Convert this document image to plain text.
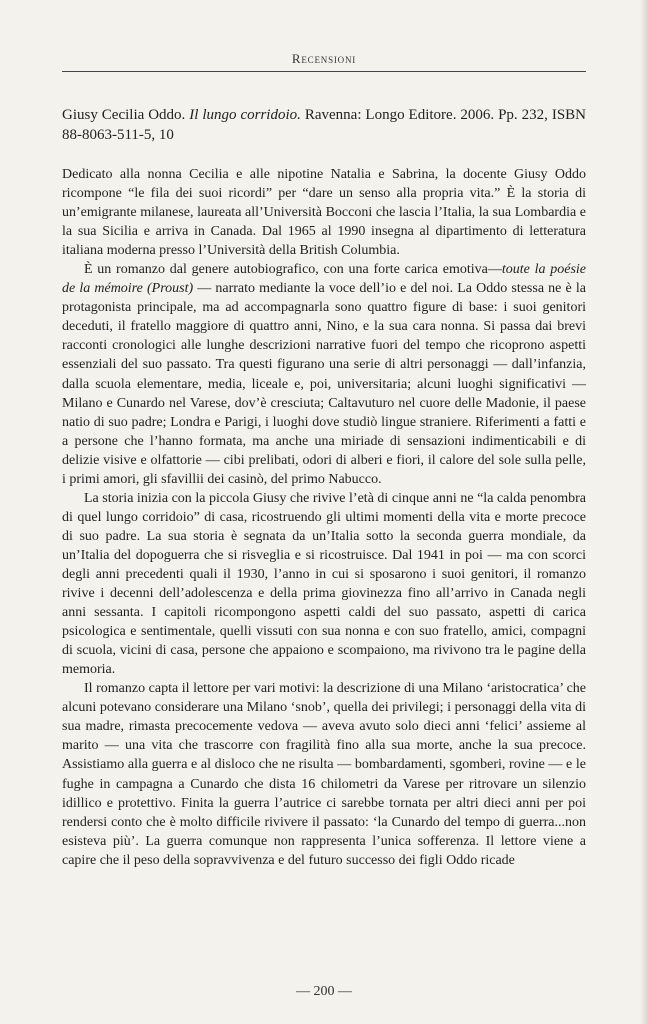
Recensioni
Giusy Cecilia Oddo. Il lungo corridoio. Ravenna: Longo Editore. 2006. Pp. 232, ISBN 88-8063-511-5, 10

Dedicato alla nonna Cecilia e alle nipotine Natalia e Sabrina, la docente Giusy Oddo ricompone “le fila dei suoi ricordi” per “dare un senso alla propria vita.” È la storia di un’emigrante milanese, laureata all’Università Bocconi che lascia l’Italia, la sua Lombardia e la sua Sicilia e arriva in Canada. Dal 1965 al 1990 insegna al dipartimento di letteratura italiana moderna presso l’Università della British Columbia.

È un romanzo dal genere autobiografico, con una forte carica emotiva—toute la poésie de la mémoire (Proust) — narrato mediante la voce dell’io e del noi. La Oddo stessa ne è la protagonista principale, ma ad accompagnarla sono quattro figure di base: i suoi genitori deceduti, il fratello maggiore di quattro anni, Nino, e la sua cara nonna. Si passa dai brevi racconti cronologici alle lunghe descrizioni narrative fuori del tempo che ricoprono aspetti essenziali del suo passato. Tra questi figurano una serie di altri personaggi — dall’infanzia, dalla scuola elementare, media, liceale e, poi, universitaria; alcuni luoghi significativi — Milano e Cunardo nel Varese, dov’è cresciuta; Caltavuturo nel cuore delle Madonie, il paese natio di suo padre; Londra e Parigi, i luoghi dove studiò lingue straniere. Riferimenti a fatti e a persone che l’hanno formata, ma anche una miriade di sensazioni indimenticabili e di delizie visive e olfattorie — cibi prelibati, odori di alberi e fiori, il calore del sole sulla pelle, i primi amori, gli sfavillii dei casinò, del primo Nabucco.

La storia inizia con la piccola Giusy che rivive l’età di cinque anni ne “la calda penombra di quel lungo corridoio” di casa, ricostruendo gli ultimi momenti della vita e morte precoce di suo padre. La sua storia è segnata da un’Italia sotto la seconda guerra mondiale, da un’Italia del dopoguerra che si risveglia e si ricostruisce. Dal 1941 in poi — ma con scorci degli anni precedenti quali il 1930, l’anno in cui si sposarono i suoi genitori, il romanzo rivive i decenni dell’adolescenza e della prima giovinezza fino all’arrivo in Canada negli anni sessanta. I capitoli ricompongono aspetti caldi del suo passato, aspetti di carica psicologica e sentimentale, quelli vissuti con sua nonna e con suo fratello, amici, compagni di scuola, vicini di casa, persone che appaiono e scompaiono, ma rivivono tra le pagine della memoria.

Il romanzo capta il lettore per vari motivi: la descrizione di una Milano ‘aristocratica’ che alcuni potevano considerare una Milano ‘snob’, quella dei privilegi; i personaggi della vita di sua madre, rimasta precocemente vedova — aveva avuto solo dieci anni ‘felici’ assieme al marito — una vita che trascorre con fragilità fino alla sua morte, anche la sua precoce. Assistiamo alla guerra e al disloco che ne risulta — bombardamenti, sgomberi, rovine — e le fughe in campagna a Cunardo che dista 16 chilometri da Varese per ritrovare un silenzio idillico e protettivo. Finita la guerra l’autrice ci sarebbe tornata per altri dieci anni per poi rendersi conto che è molto difficile rivivere il passato: ‘la Cunardo del tempo di guerra...non esisteva più’. La guerra comunque non rappresenta l’unica sofferenza. Il lettore viene a capire che il peso della sopravvivenza e del futuro successo dei figli Oddo ricade

— 200 —
